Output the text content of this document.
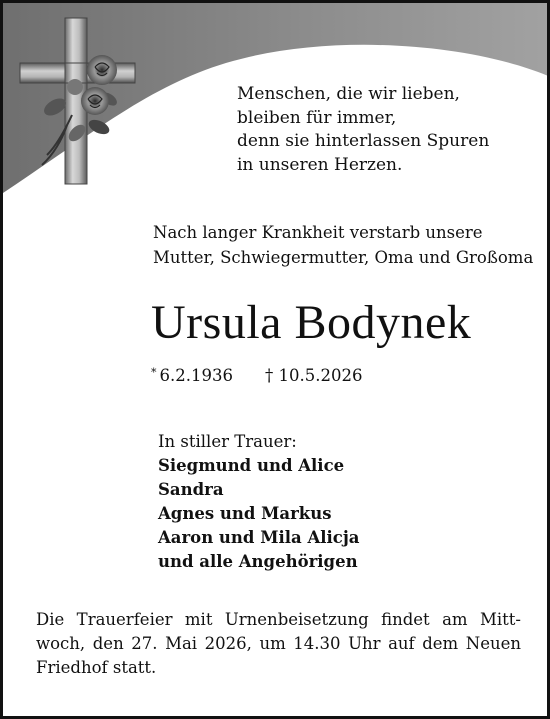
Menschen, die wir lieben,
bleiben für immer,
denn sie hinterlassen Spuren
in unseren Herzen.
Nach langer Krankheit verstarb unsere
Mutter, Schwiegermutter, Oma und Großoma
Ursula Bodynek
* 6.2.1936 † 10.5.2026
In stiller Trauer:
Siegmund und Alice
Sandra
Agnes und Markus
Aaron und Mila Alicja
und alle Angehörigen
Die Trauerfeier mit Urnenbeisetzung findet am Mitt-
woch, den 27. Mai 2026, um 14.30 Uhr auf dem Neuen
Friedhof statt.
